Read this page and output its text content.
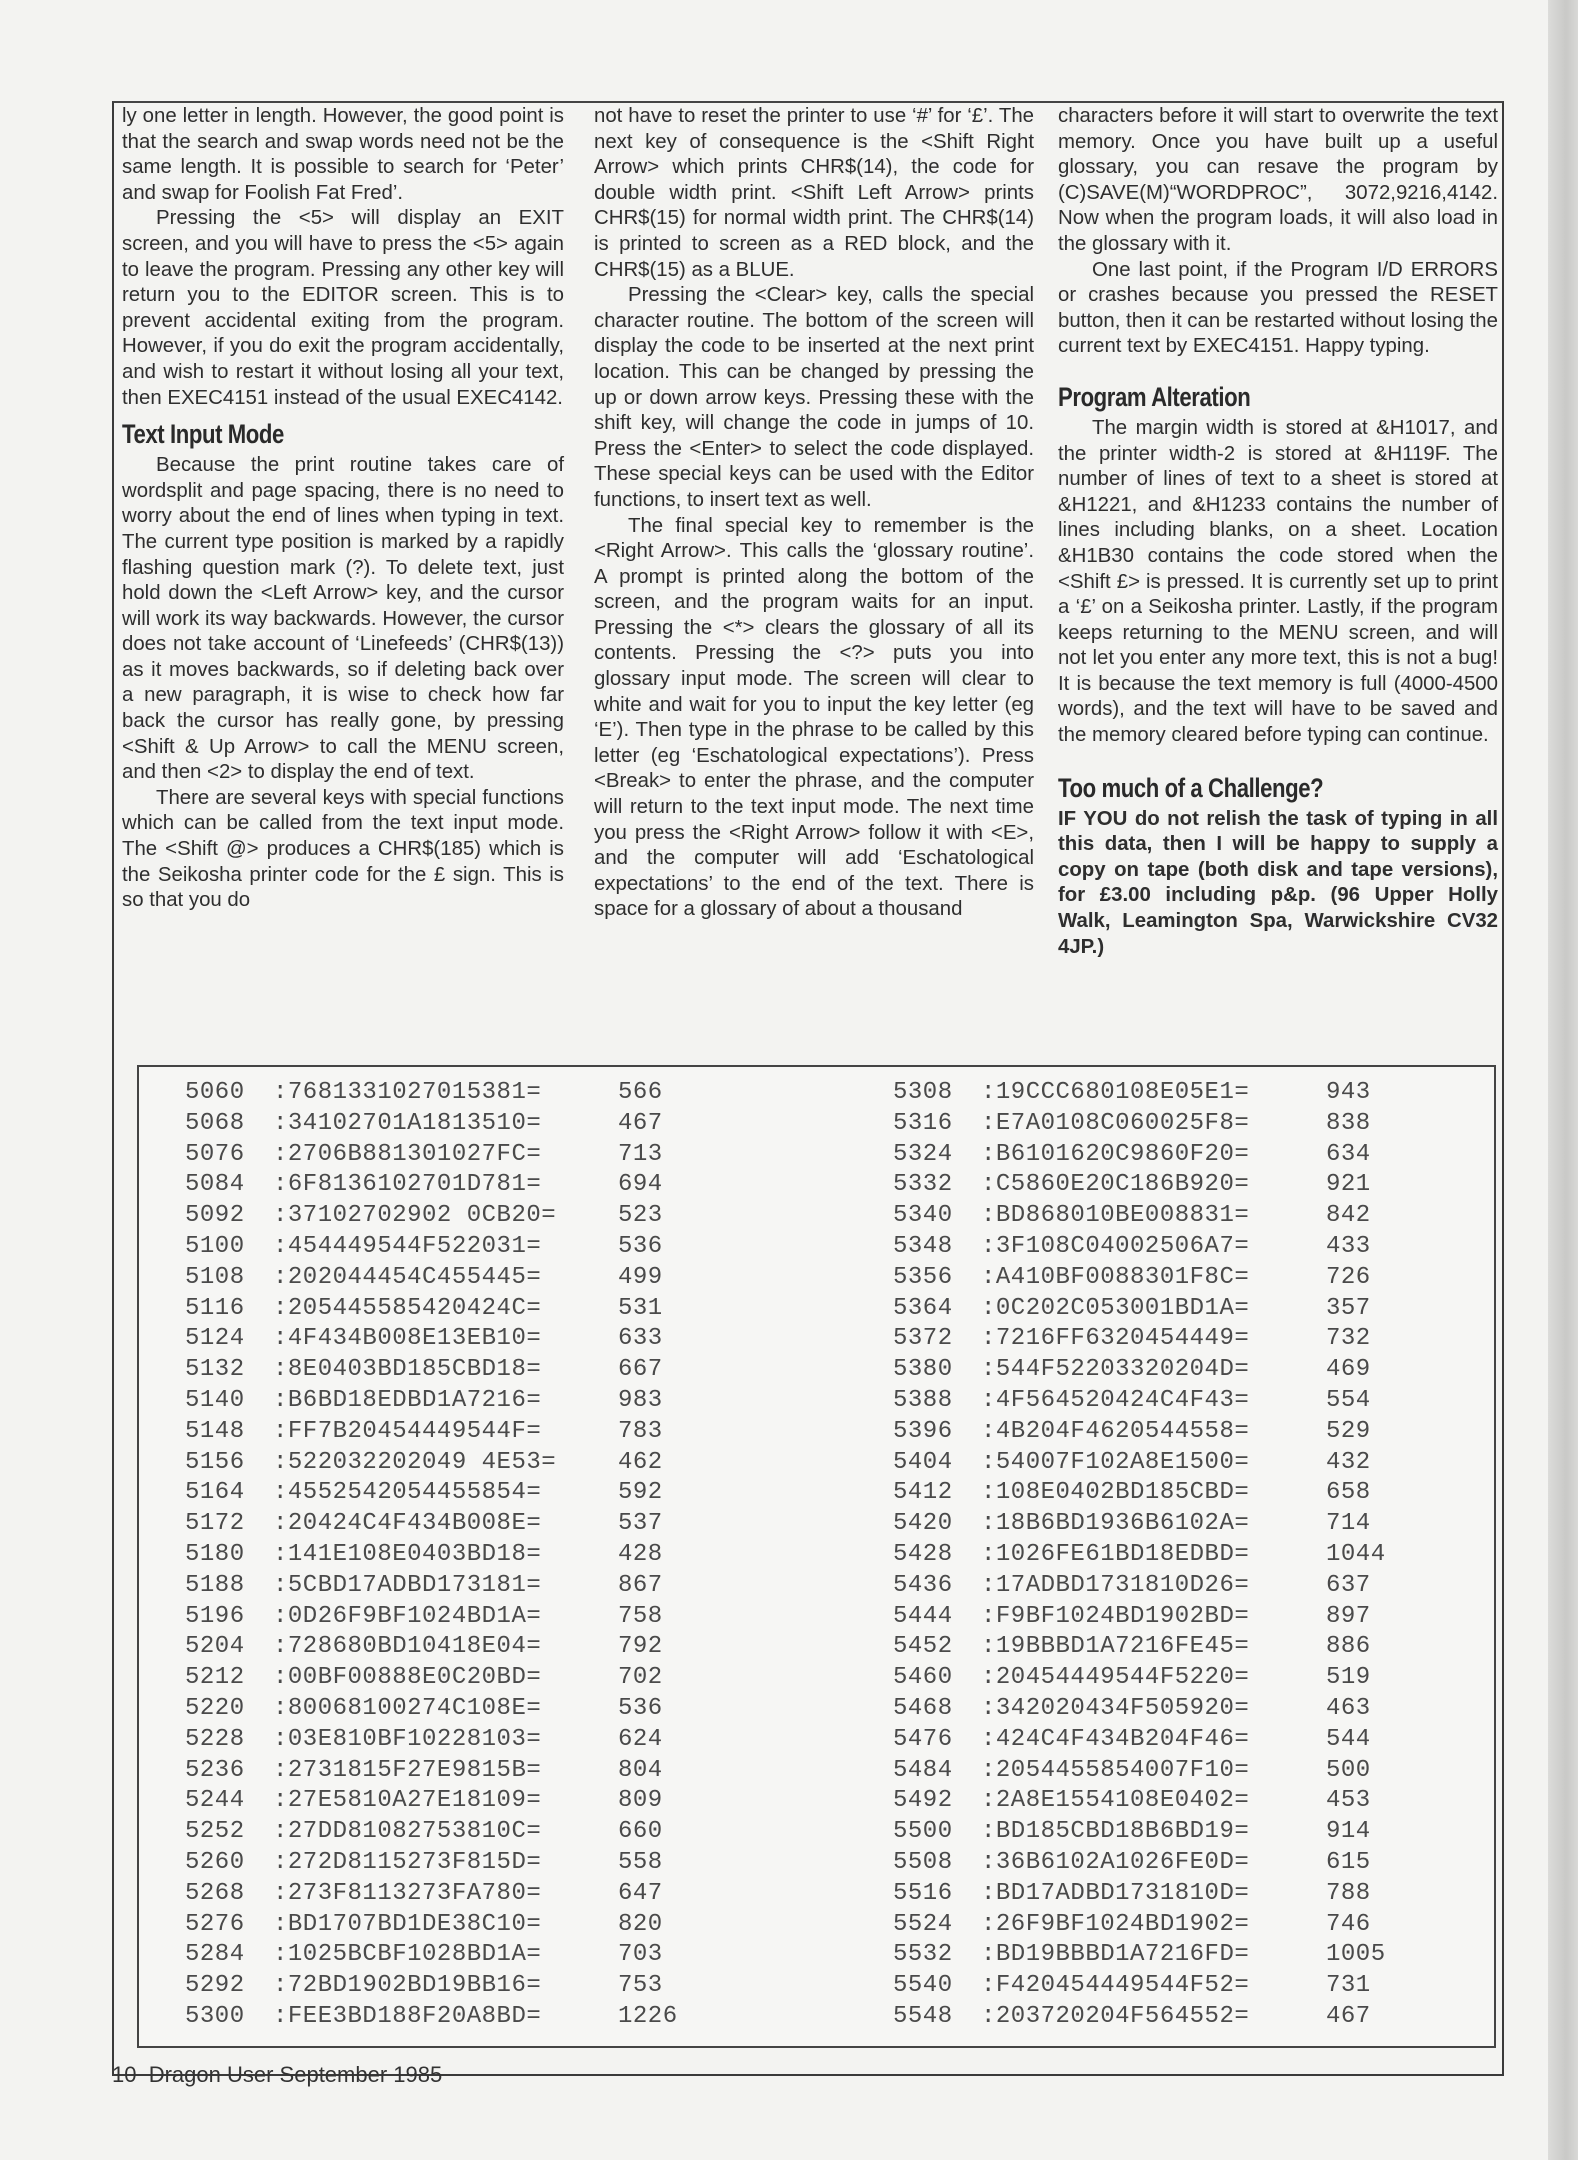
ly one letter in length. However, the good point is that the search and swap words need not be the same length. It is possible to search for ‘Peter’ and swap for Foolish Fat Fred’.

Pressing the <5> will display an EXIT screen, and you will have to press the <5> again to leave the program. Pressing any other key will return you to the EDITOR screen. This is to prevent accidental exiting from the program. However, if you do exit the program accidentally, and wish to restart it without losing all your text, then EXEC4151 instead of the usual EXEC4142.

Text Input Mode

Because the print routine takes care of wordsplit and page spacing, there is no need to worry about the end of lines when typing in text. The current type position is marked by a rapidly flashing question mark (?). To delete text, just hold down the <Left Arrow> key, and the cursor will work its way backwards. However, the cursor does not take account of ‘Linefeeds’ (CHR$(13)) as it moves backwards, so if deleting back over a new paragraph, it is wise to check how far back the cursor has really gone, by pressing <Shift & Up Arrow> to call the MENU screen, and then <2> to display the end of text.

There are several keys with special functions which can be called from the text input mode. The <Shift @> produces a CHR$(185) which is the Seikosha printer code for the £ sign. This is so that you do

not have to reset the printer to use ‘#’ for ‘£’. The next key of consequence is the <Shift Right Arrow> which prints CHR$(14), the code for double width print. <Shift Left Arrow> prints CHR$(15) for normal width print. The CHR$(14) is printed to screen as a RED block, and the CHR$(15) as a BLUE.

Pressing the <Clear> key, calls the special character routine. The bottom of the screen will display the code to be inserted at the next print location. This can be changed by pressing the up or down arrow keys. Pressing these with the shift key, will change the code in jumps of 10. Press the <Enter> to select the code displayed. These special keys can be used with the Editor functions, to insert text as well.

The final special key to remember is the <Right Arrow>. This calls the ‘glossary routine’. A prompt is printed along the bottom of the screen, and the program waits for an input. Pressing the <*> clears the glossary of all its contents. Pressing the <?> puts you into glossary input mode. The screen will clear to white and wait for you to input the key letter (eg ‘E’). Then type in the phrase to be called by this letter (eg ‘Eschatological expectations’). Press <Break> to enter the phrase, and the computer will return to the text input mode. The next time you press the <Right Arrow> follow it with <E>, and the computer will add ‘Eschatological expectations’ to the end of the text. There is space for a glossary of about a thousand

characters before it will start to overwrite the text memory. Once you have built up a useful glossary, you can resave the program by (C)SAVE(M)“WORDPROC”, 3072,9216,4142. Now when the program loads, it will also load in the glossary with it.

One last point, if the Program I/D ERRORS or crashes because you pressed the RESET button, then it can be restarted without losing the current text by EXEC4151. Happy typing.

Program Alteration

The margin width is stored at &H1017, and the printer width-2 is stored at &H119F. The number of lines of text to a sheet is stored at &H1221, and &H1233 contains the number of lines including blanks, on a sheet. Location &H1B30 contains the code stored when the <Shift £> is pressed. It is currently set up to print a ‘£’ on a Seikosha printer. Lastly, if the program keeps returning to the MENU screen, and will not let you enter any more text, this is not a bug! It is because the text memory is full (4000-4500 words), and the text will have to be saved and the memory cleared before typing can continue.

Too much of a Challenge?

IF YOU do not relish the task of typing in all this data, then I will be happy to supply a copy on tape (both disk and tape versions), for £3.00 including p&p. (96 Upper Holly Walk, Leamington Spa, Warwickshire CV32 4JP.)

5060	:7681331027015381=	566
5068	:34102701A1813510=	467
5076	:2706B881301027FC=	713
5084	:6F8136102701D781=	694
5092	:37102702902 0CB20=	523
5100	:454449544F522031=	536
5108	:202044454C455445=	499
5116	:205445585420424C=	531
5124	:4F434B008E13EB10=	633
5132	:8E0403BD185CBD18=	667
5140	:B6BD18EDBD1A7216=	983
5148	:FF7B20454449544F=	783
5156	:522032202049 4E53=	462
5164	:4552542054455854=	592
5172	:20424C4F434B008E=	537
5180	:141E108E0403BD18=	428
5188	:5CBD17ADBD173181=	867
5196	:0D26F9BF1024BD1A=	758
5204	:728680BD10418E04=	792
5212	:00BF00888E0C20BD=	702
5220	:80068100274C108E=	536
5228	:03E810BF10228103=	624
5236	:2731815F27E9815B=	804
5244	:27E5810A27E18109=	809
5252	:27DD81082753810C=	660
5260	:272D8115273F815D=	558
5268	:273F8113273FA780=	647
5276	:BD1707BD1DE38C10=	820
5284	:1025BCBF1028BD1A=	703
5292	:72BD1902BD19BB16=	753
5300	:FEE3BD188F20A8BD=	1226
5308	:19CCC680108E05E1=	943
5316	:E7A0108C060025F8=	838
5324	:B6101620C9860F20=	634
5332	:C5860E20C186B920=	921
5340	:BD868010BE008831=	842
5348	:3F108C04002506A7=	433
5356	:A410BF0088301F8C=	726
5364	:0C202C053001BD1A=	357
5372	:7216FF6320454449=	732
5380	:544F52203320204D=	469
5388	:4F564520424C4F43=	554
5396	:4B204F4620544558=	529
5404	:54007F102A8E1500=	432
5412	:108E0402BD185CBD=	658
5420	:18B6BD1936B6102A=	714
5428	:1026FE61BD18EDBD=	1044
5436	:17ADBD1731810D26=	637
5444	:F9BF1024BD1902BD=	897
5452	:19BBBD1A7216FE45=	886
5460	:20454449544F5220=	519
5468	:342020434F505920=	463
5476	:424C4F434B204F46=	544
5484	:2054455854007F10=	500
5492	:2A8E1554108E0402=	453
5500	:BD185CBD18B6BD19=	914
5508	:36B6102A1026FE0D=	615
5516	:BD17ADBD1731810D=	788
5524	:26F9BF1024BD1902=	746
5532	:BD19BBBD1A7216FD=	1005
5540	:F420454449544F52=	731
5548	:203720204F564552=	467
10 Dragon User September 1985
